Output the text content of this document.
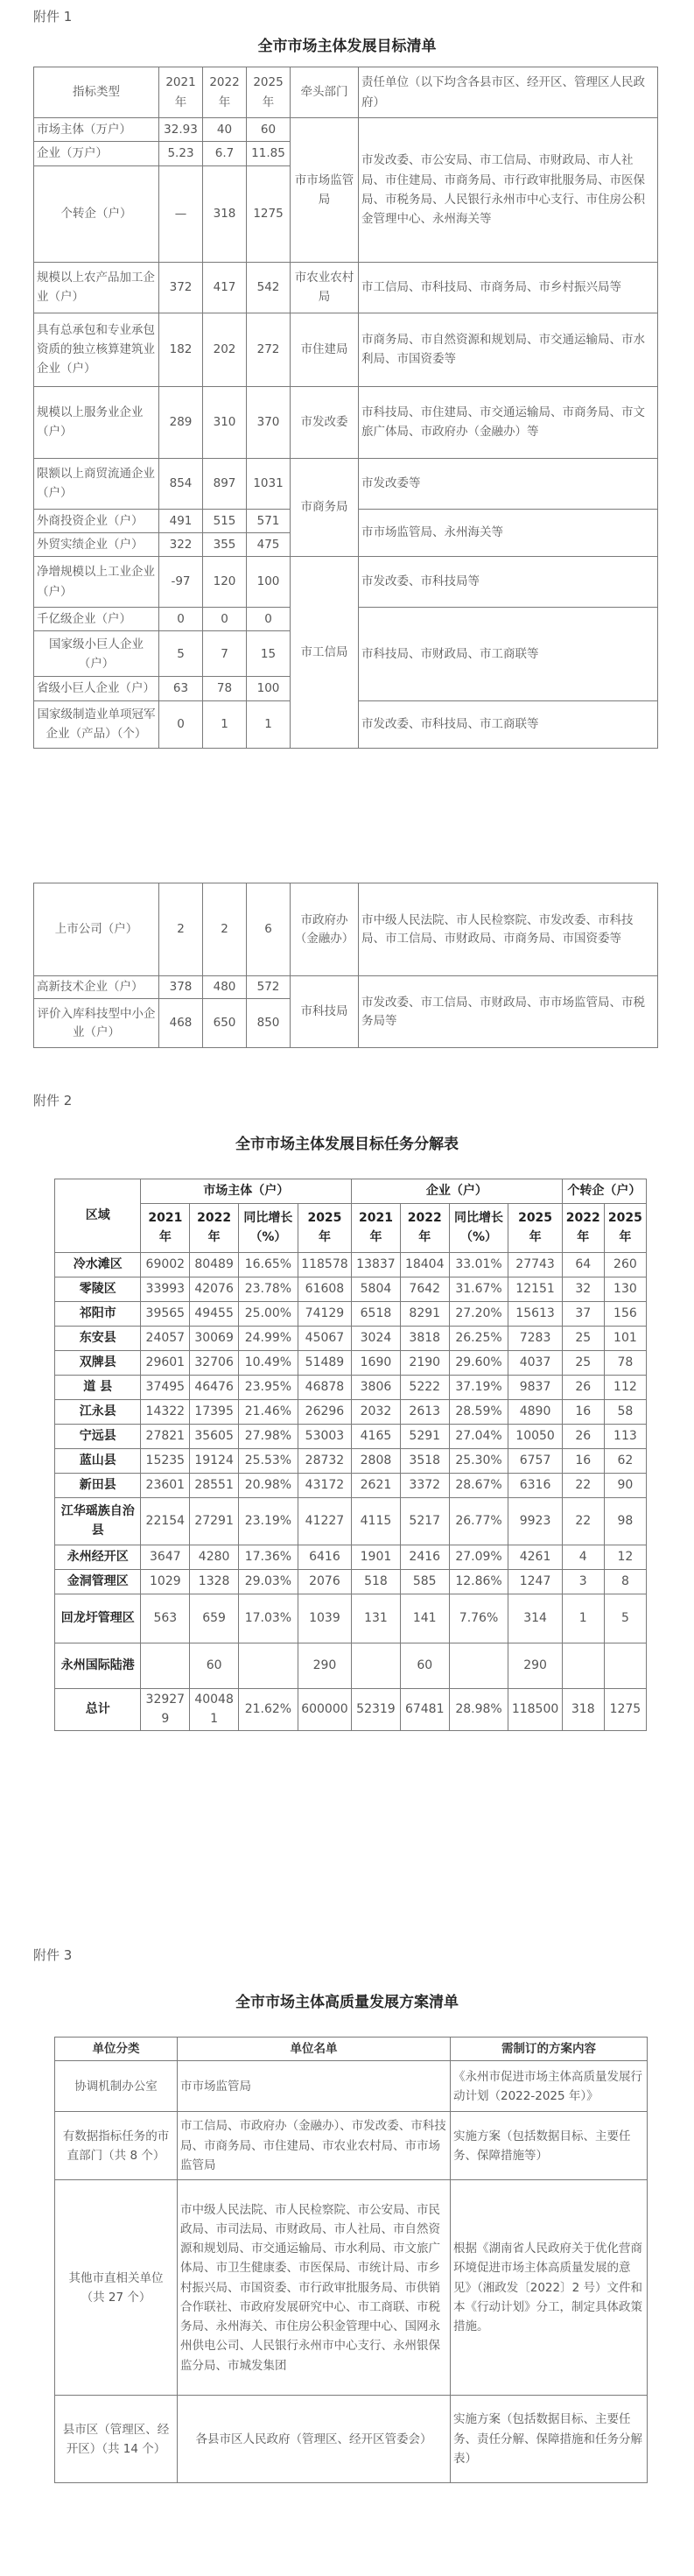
附件 1
全市市场主体发展目标清单
指标类型	2021 年	2022 年	2025 年	牵头部门	责任单位（以下均含各县市区、经开区、管理区人民政府）
市场主体（万户）	32.93	40	60	市市场监管局	市发改委、市公安局、市工信局、市财政局、市人社局、市住建局、市商务局、市行政审批服务局、市医保局、市税务局、人民银行永州市中心支行、市住房公积金管理中心、永州海关等
企业（万户）	5.23	6.7	11.85		
个转企（户）	—	318	1275		
规模以上农产品加工企业（户）	372	417	542	市农业农村局	市工信局、市科技局、市商务局、市乡村振兴局等
具有总承包和专业承包资质的独立核算建筑业企业（户）	182	202	272	市住建局	市商务局、市自然资源和规划局、市交通运输局、市水利局、市国资委等
规模以上服务业企业（户）	289	310	370	市发改委	市科技局、市住建局、市交通运输局、市商务局、市文旅广体局、市政府办（金融办）等
限额以上商贸流通企业（户）	854	897	1031	市商务局	市发改委等
外商投资企业（户）	491	515	571		市市场监管局、永州海关等
外贸实绩企业（户）	322	355	475		
净增规模以上工业企业（户）	-97	120	100	市工信局	市发改委、市科技局等
千亿级企业（户）	0	0	0		市科技局、市财政局、市工商联等
国家级小巨人企业（户）	5	7	15		
省级小巨人企业（户）	63	78	100		
国家级制造业单项冠军企业（产品）（个）	0	1	1		市发改委、市科技局、市工商联等
上市公司（户）	2	2	6	市政府办（金融办）	市中级人民法院、市人民检察院、市发改委、市科技局、市工信局、市财政局、市商务局、市国资委等
高新技术企业（户）	378	480	572	市科技局	市发改委、市工信局、市财政局、市市场监管局、市税务局等
评价入库科技型中小企业（户）	468	650	850		
附件 2
全市市场主体发展目标任务分解表
区域	市场主体（户）				企业（户）				个转企（户）	
	2021 年	2022 年	同比增长（%）	2025 年	2021 年	2022 年	同比增长（%）	2025 年	2022 年	2025 年
冷水滩区	69002	80489	16.65%	118578	13837	18404	33.01%	27743	64	260
零陵区	33993	42076	23.78%	61608	5804	7642	31.67%	12151	32	130
祁阳市	39565	49455	25.00%	74129	6518	8291	27.20%	15613	37	156
东安县	24057	30069	24.99%	45067	3024	3818	26.25%	7283	25	101
双牌县	29601	32706	10.49%	51489	1690	2190	29.60%	4037	25	78
道 县	37495	46476	23.95%	46878	3806	5222	37.19%	9837	26	112
江永县	14322	17395	21.46%	26296	2032	2613	28.59%	4890	16	58
宁远县	27821	35605	27.98%	53003	4165	5291	27.04%	10050	26	113
蓝山县	15235	19124	25.53%	28732	2808	3518	25.30%	6757	16	62
新田县	23601	28551	20.98%	43172	2621	3372	28.67%	6316	22	90
江华瑶族自治县	22154	27291	23.19%	41227	4115	5217	26.77%	9923	22	98
永州经开区	3647	4280	17.36%	6416	1901	2416	27.09%	4261	4	12
金洞管理区	1029	1328	29.03%	2076	518	585	12.86%	1247	3	8
回龙圩管理区	563	659	17.03%	1039	131	141	7.76%	314	1	5
永州国际陆港		60		290		60		290		
总计	329279	400481	21.62%	600000	52319	67481	28.98%	118500	318	1275
附件 3
全市市场主体高质量发展方案清单
单位分类	单位名单	需制订的方案内容
协调机制办公室	市市场监管局	《永州市促进市场主体高质量发展行动计划（2022-2025 年）》
有数据指标任务的市直部门（共 8 个）	市工信局、市政府办（金融办）、市发改委、市科技局、市商务局、市住建局、市农业农村局、市市场监管局	实施方案（包括数据目标、主要任务、保障措施等）
其他市直相关单位（共 27 个）	市中级人民法院、市人民检察院、市公安局、市民政局、市司法局、市财政局、市人社局、市自然资源和规划局、市交通运输局、市水利局、市文旅广体局、市卫生健康委、市医保局、市统计局、市乡村振兴局、市国资委、市行政审批服务局、市供销合作联社、市政府发展研究中心、市工商联、市税务局、永州海关、市住房公积金管理中心、国网永州供电公司、人民银行永州市中心支行、永州银保监分局、市城发集团	根据《湖南省人民政府关于优化营商环境促进市场主体高质量发展的意见》（湘政发〔2022〕2 号）文件和本《行动计划》分工，制定具体政策措施。
县市区（管理区、经开区）（共 14 个）	各县市区人民政府（管理区、经开区管委会）	实施方案（包括数据目标、主要任务、责任分解、保障措施和任务分解表）
